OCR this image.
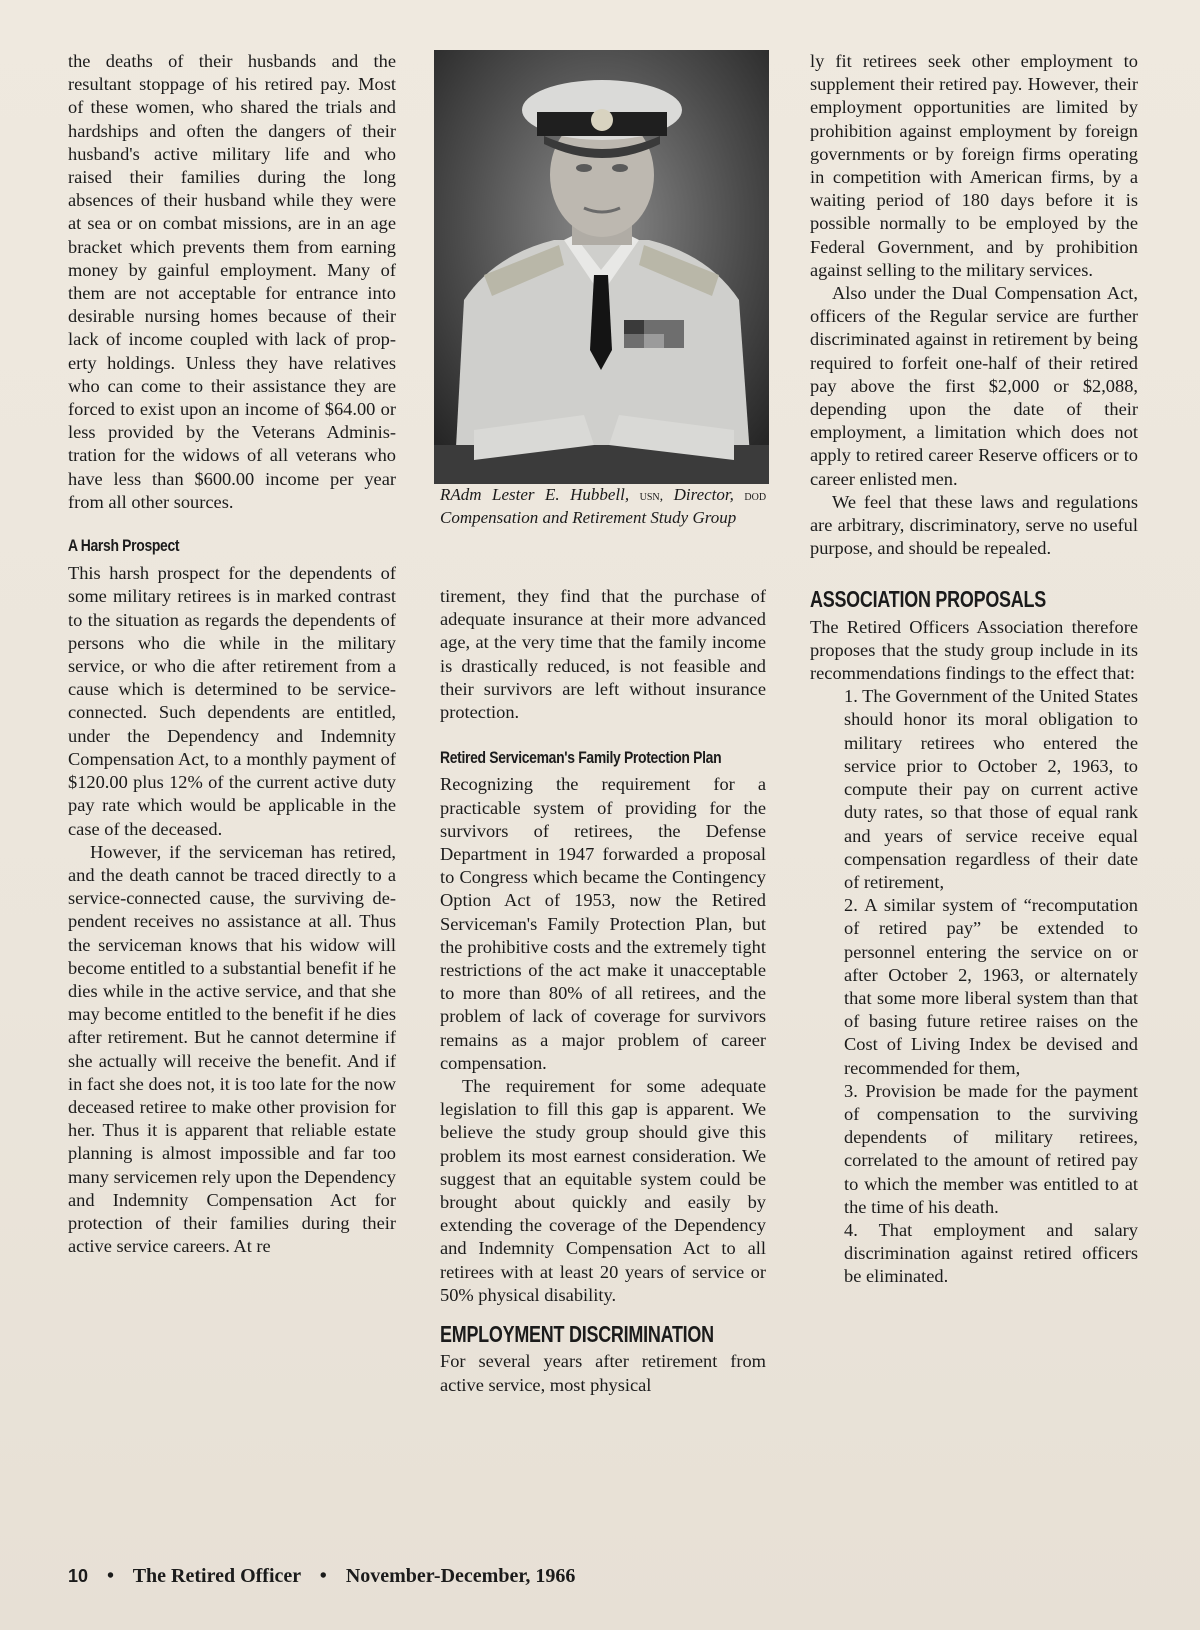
the deaths of their husbands and the resultant stoppage of his retired pay. Most of these women, who shared the trials and hardships and often the dangers of their husband's active military life and who raised their families during the long absences of their husband while they were at sea or on combat missions, are in an age bracket which prevents them from earning money by gainful employment. Many of them are not acceptable for entrance into desirable nursing homes because of their lack of income coupled with lack of property holdings. Unless they have relatives who can come to their assistance they are forced to exist upon an income of $64.00 or less provided by the Veterans Administration for the widows of all veterans who have less than $600.00 income per year from all other sources.

A Harsh Prospect

This harsh prospect for the dependents of some military retirees is in marked contrast to the situation as regards the dependents of persons who die while in the military service, or who die after retirement from a cause which is determined to be service-connected. Such dependents are entitled, under the Dependency and Indemnity Compensation Act, to a monthly payment of $120.00 plus 12% of the current active duty pay rate which would be applicable in the case of the deceased.

However, if the serviceman has retired, and the death cannot be traced directly to a service-connected cause, the surviving dependent receives no assistance at all. Thus the serviceman knows that his widow will become entitled to a substantial benefit if he dies while in the active service, and that she may become entitled to the benefit if he dies after retirement. But he cannot determine if she actually will receive the benefit. And if in fact she does not, it is too late for the now deceased retiree to make other provision for her. Thus it is apparent that reliable estate planning is almost impossible and far too many servicemen rely upon the Dependency and Indemnity Compensation Act for protection of their families during their active service careers. At re

RAdm Lester E. Hubbell, usn, Director, dod Compensation and Retirement Study Group

tirement, they find that the purchase of adequate insurance at their more advanced age, at the very time that the family income is drastically reduced, is not feasible and their survivors are left without insurance protection.

Retired Serviceman's Family Protection Plan

Recognizing the requirement for a practicable system of providing for the survivors of retirees, the Defense Department in 1947 forwarded a proposal to Congress which became the Contingency Option Act of 1953, now the Retired Serviceman's Family Protection Plan, but the prohibitive costs and the extremely tight restrictions of the act make it unacceptable to more than 80% of all retirees, and the problem of lack of coverage for survivors remains as a major problem of career compensation.

The requirement for some adequate legislation to fill this gap is apparent. We believe the study group should give this problem its most earnest consideration. We suggest that an equitable system could be brought about quickly and easily by extending the coverage of the Dependency and Indemnity Compensation Act to all retirees with at least 20 years of service or 50% physical disability.

EMPLOYMENT DISCRIMINATION

For several years after retirement from active service, most physical

ly fit retirees seek other employment to supplement their retired pay. However, their employment opportunities are limited by prohibition against employment by foreign governments or by foreign firms operating in competition with American firms, by a waiting period of 180 days before it is possible normally to be employed by the Federal Government, and by prohibition against selling to the military services.

Also under the Dual Compensation Act, officers of the Regular service are further discriminated against in retirement by being required to forfeit one-half of their retired pay above the first $2,000 or $2,088, depending upon the date of their employment, a limitation which does not apply to retired career Reserve officers or to career enlisted men.

We feel that these laws and regulations are arbitrary, discriminatory, serve no useful purpose, and should be repealed.

ASSOCIATION PROPOSALS

The Retired Officers Association therefore proposes that the study group include in its recommendations findings to the effect that:

1. The Government of the United States should honor its moral obligation to military retirees who entered the service prior to October 2, 1963, to compute their pay on current active duty rates, so that those of equal rank and years of service receive equal compensation regardless of their date of retirement,
2. A similar system of “recomputation of retired pay” be extended to personnel entering the service on or after October 2, 1963, or alternately that some more liberal system than that of basing future retiree raises on the Cost of Living Index be devised and recommended for them,
3. Provision be made for the payment of compensation to the surviving dependents of military retirees, correlated to the amount of retired pay to which the member was entitled to at the time of his death.
4. That employment and salary discrimination against retired officers be eliminated.
10 • The Retired Officer • November-December, 1966
